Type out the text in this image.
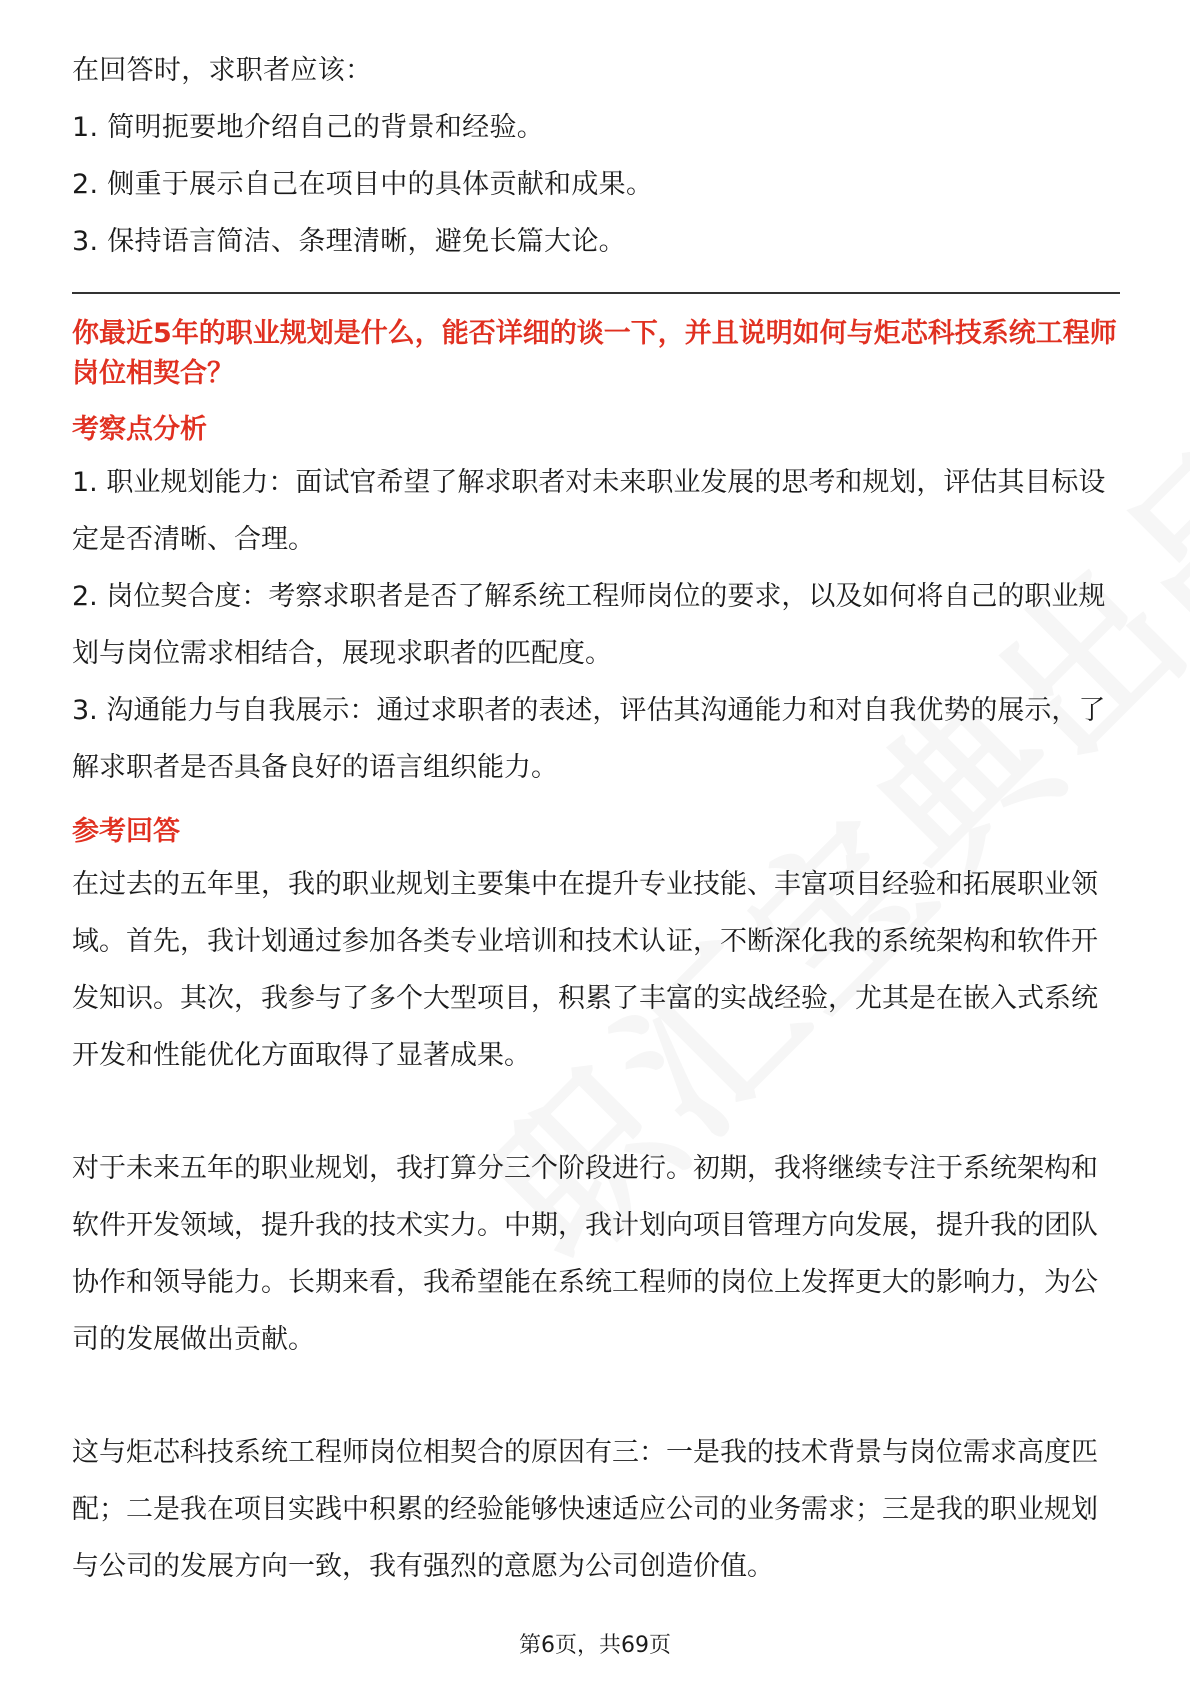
在回答时，求职者应该：

1. 简明扼要地介绍自己的背景和经验。

2. 侧重于展示自己在项目中的具体贡献和成果。

3. 保持语言简洁、条理清晰，避免长篇大论。

你最近5年的职业规划是什么，能否详细的谈一下，并且说明如何与炬芯科技系统工程师岗位相契合？

考察点分析

1. 职业规划能力：面试官希望了解求职者对未来职业发展的思考和规划，评估其目标设定是否清晰、合理。

2. 岗位契合度：考察求职者是否了解系统工程师岗位的要求，以及如何将自己的职业规划与岗位需求相结合，展现求职者的匹配度。

3. 沟通能力与自我展示：通过求职者的表述，评估其沟通能力和对自我优势的展示，了解求职者是否具备良好的语言组织能力。

参考回答

在过去的五年里，我的职业规划主要集中在提升专业技能、丰富项目经验和拓展职业领域。首先，我计划通过参加各类专业培训和技术认证，不断深化我的系统架构和软件开发知识。其次，我参与了多个大型项目，积累了丰富的实战经验，尤其是在嵌入式系统开发和性能优化方面取得了显著成果。

对于未来五年的职业规划，我打算分三个阶段进行。初期，我将继续专注于系统架构和软件开发领域，提升我的技术实力。中期，我计划向项目管理方向发展，提升我的团队协作和领导能力。长期来看，我希望能在系统工程师的岗位上发挥更大的影响力，为公司的发展做出贡献。

这与炬芯科技系统工程师岗位相契合的原因有三：一是我的技术背景与岗位需求高度匹配；二是我在项目实践中积累的经验能够快速适应公司的业务需求；三是我的职业规划与公司的发展方向一致，我有强烈的意愿为公司创造价值。

第6页，共69页
